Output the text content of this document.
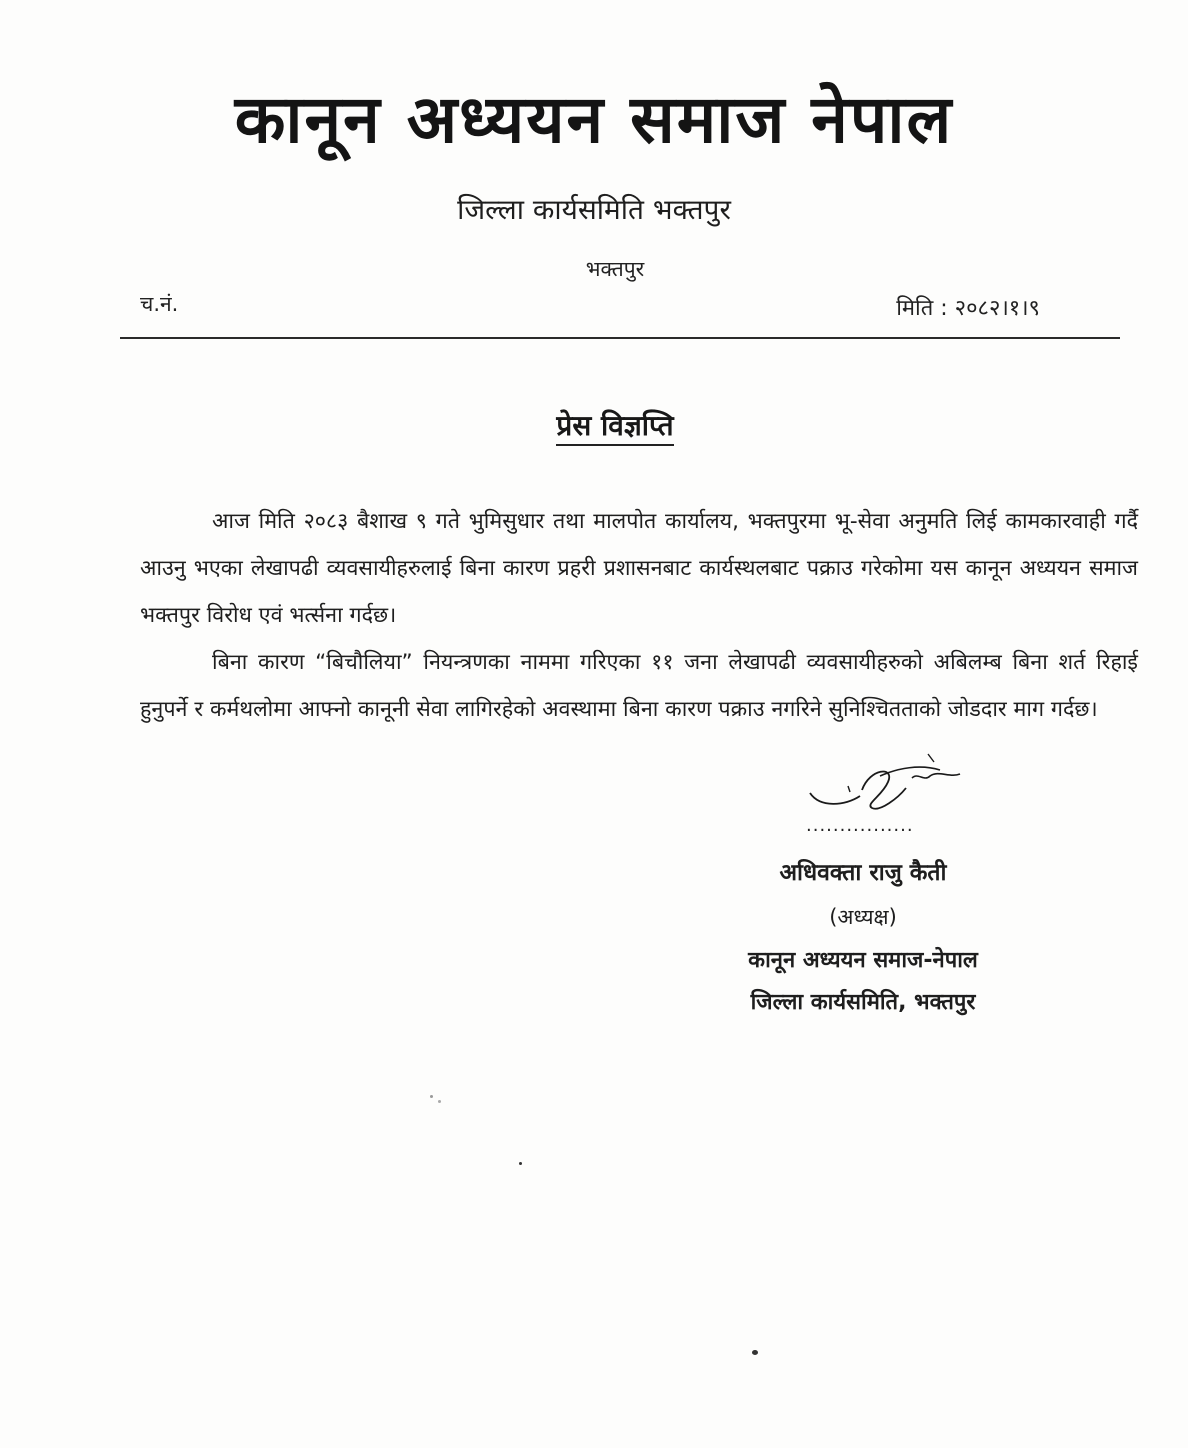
कानून अध्ययन समाज नेपाल
जिल्ला कार्यसमिति भक्तपुर
भक्तपुर
च.नं.	मिति : २०८२।१।९
प्रेस विज्ञप्ति

आज मिति २०८३ बैशाख ९ गते भुमिसुधार तथा मालपोत कार्यालय, भक्तपुरमा भू-सेवा अनुमति लिई कामकारवाही गर्दै आउनु भएका लेखापढी व्यवसायीहरुलाई बिना कारण प्रहरी प्रशासनबाट कार्यस्थलबाट पक्राउ गरेकोमा यस कानून अध्ययन समाज भक्तपुर विरोध एवं भर्त्सना गर्दछ।

बिना कारण “बिचौलिया” नियन्त्रणका नाममा गरिएका ११ जना लेखापढी व्यवसायीहरुको अबिलम्ब बिना शर्त रिहाई हुनुपर्ने र कर्मथलोमा आफ्नो कानूनी सेवा लागिरहेको अवस्थामा बिना कारण पक्राउ नगरिने सुनिश्चितताको जोडदार माग गर्दछ।

................
अधिवक्ता राजु कैती
(अध्यक्ष)
कानून अध्ययन समाज-नेपाल
जिल्ला कार्यसमिति, भक्तपुर
